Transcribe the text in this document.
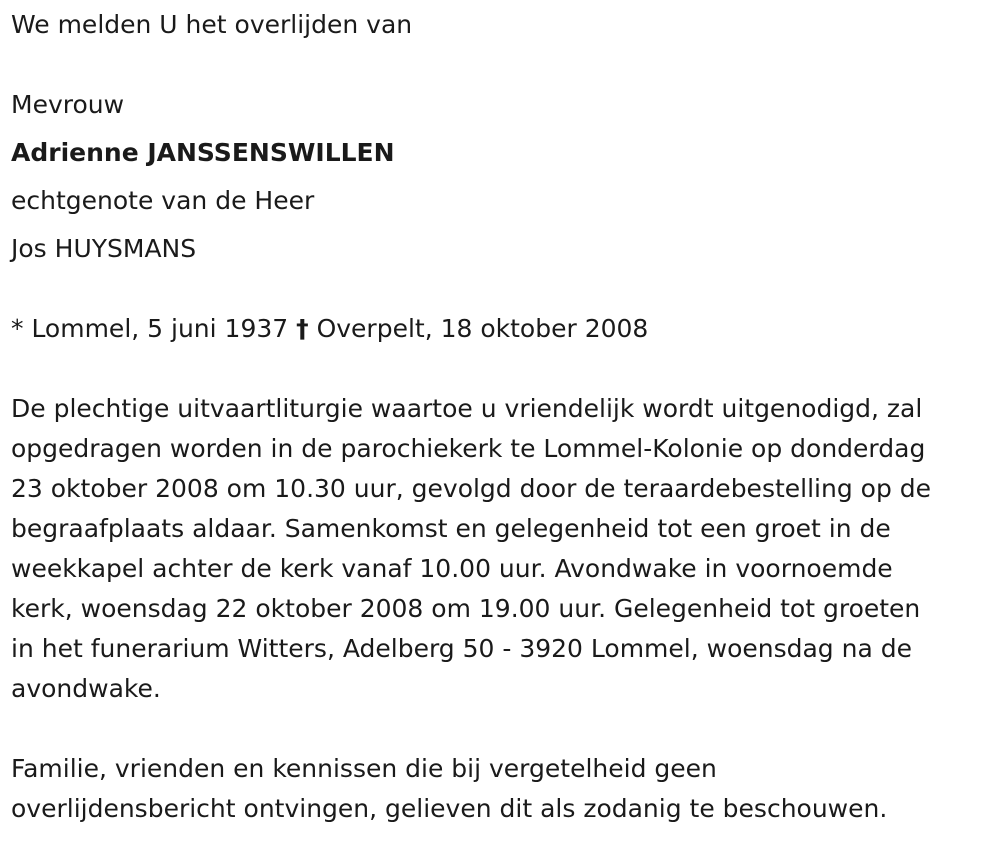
We melden U het overlijden van
Mevrouw
Adrienne JANSSENSWILLEN
echtgenote van de Heer
Jos HUYSMANS
* Lommel, 5 juni 1937 † Overpelt, 18 oktober 2008
De plechtige uitvaartliturgie waartoe u vriendelijk wordt uitgenodigd, zal
opgedragen worden in de parochiekerk te Lommel-Kolonie op donderdag
23 oktober 2008 om 10.30 uur, gevolgd door de teraardebestelling op de
begraafplaats aldaar. Samenkomst en gelegenheid tot een groet in de
weekkapel achter de kerk vanaf 10.00 uur. Avondwake in voornoemde
kerk, woensdag 22 oktober 2008 om 19.00 uur. Gelegenheid tot groeten
in het funerarium Witters, Adelberg 50 - 3920 Lommel, woensdag na de
avondwake.
Familie, vrienden en kennissen die bij vergetelheid geen
overlijdensbericht ontvingen, gelieven dit als zodanig te beschouwen.
